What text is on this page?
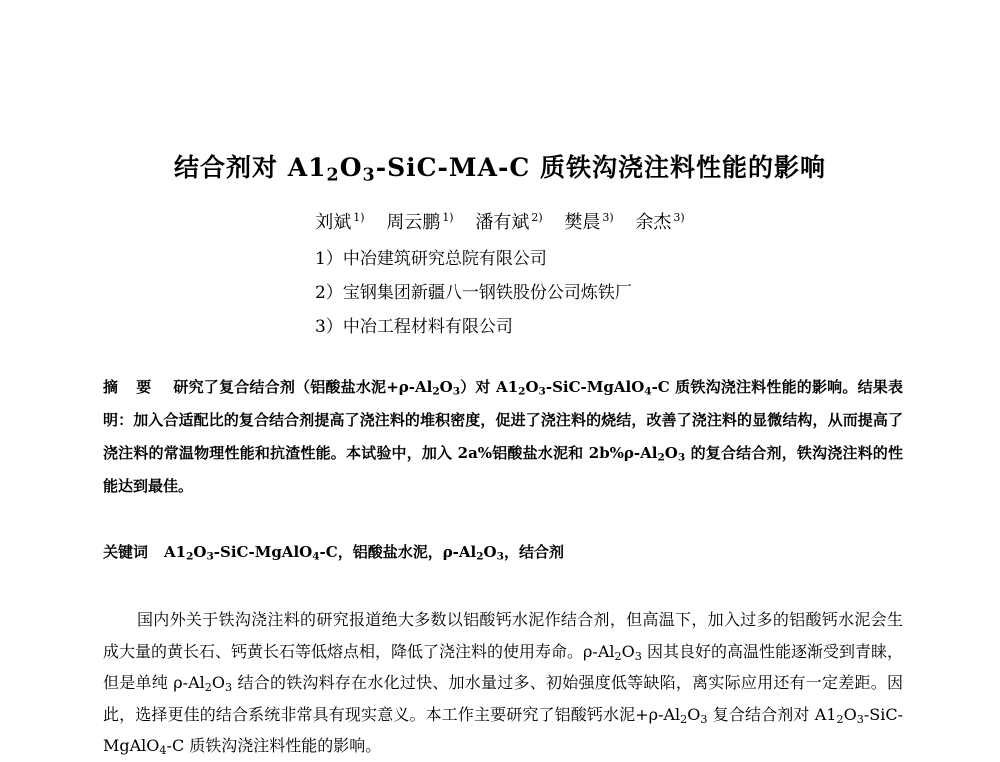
结合剂对 $A1_2O_3-SiC-MA-C$ 质铁沟浇注料性能的影响
刘斌 $^{1)}$ 周云鹏 $^{1)}$ 潘有斌 $^{2)}$ 樊晨 $^{3)}$ 余杰 $^{3)}$
1）中冶建筑研究总院有限公司
2）宝钢集团新疆八一钢铁股份公司炼铁厂
3）中冶工程材料有限公司
摘要 研究了复合结合剂（铝酸盐水泥$+\rho-Al_2O_3$）对 $A1_2O_3-SiC-MgAlO_4-C$ 质铁沟浇注料性能的影响。结果表明：加入合适配比的复合结合剂提高了浇注料的堆积密度，促进了浇注料的烧结，改善了浇注料的显微结构，从而提高了浇注料的常温物理性能和抗渣性能。本试验中，加入 2a%铝酸盐水泥和 $2b\%\rho-Al_2O_3$ 的复合结合剂，铁沟浇注料的性能达到最佳。
关键词 $A1_2O_3-SiC-MgAlO_4-C$，铝酸盐水泥，$\rho-Al_2O_3$，结合剂
国内外关于铁沟浇注料的研究报道绝大多数以铝酸钙水泥作结合剂，但高温下，加入过多的铝酸钙水泥会生成大量的黄长石、钙黄长石等低熔点相，降低了浇注料的使用寿命。$\rho-Al_2O_3$ 因其良好的高温性能逐渐受到青睐，但是单纯 $\rho-Al_2O_3$ 结合的铁沟料存在水化过快、加水量过多、初始强度低等缺陷，离实际应用还有一定差距。因此，选择更佳的结合系统非常具有现实意义。本工作主要研究了铝酸钙水泥$+\rho-Al_2O_3$ 复合结合剂对 $A1_2O_3-SiC-MgAlO_4-C$ 质铁沟浇注料性能的影响。
